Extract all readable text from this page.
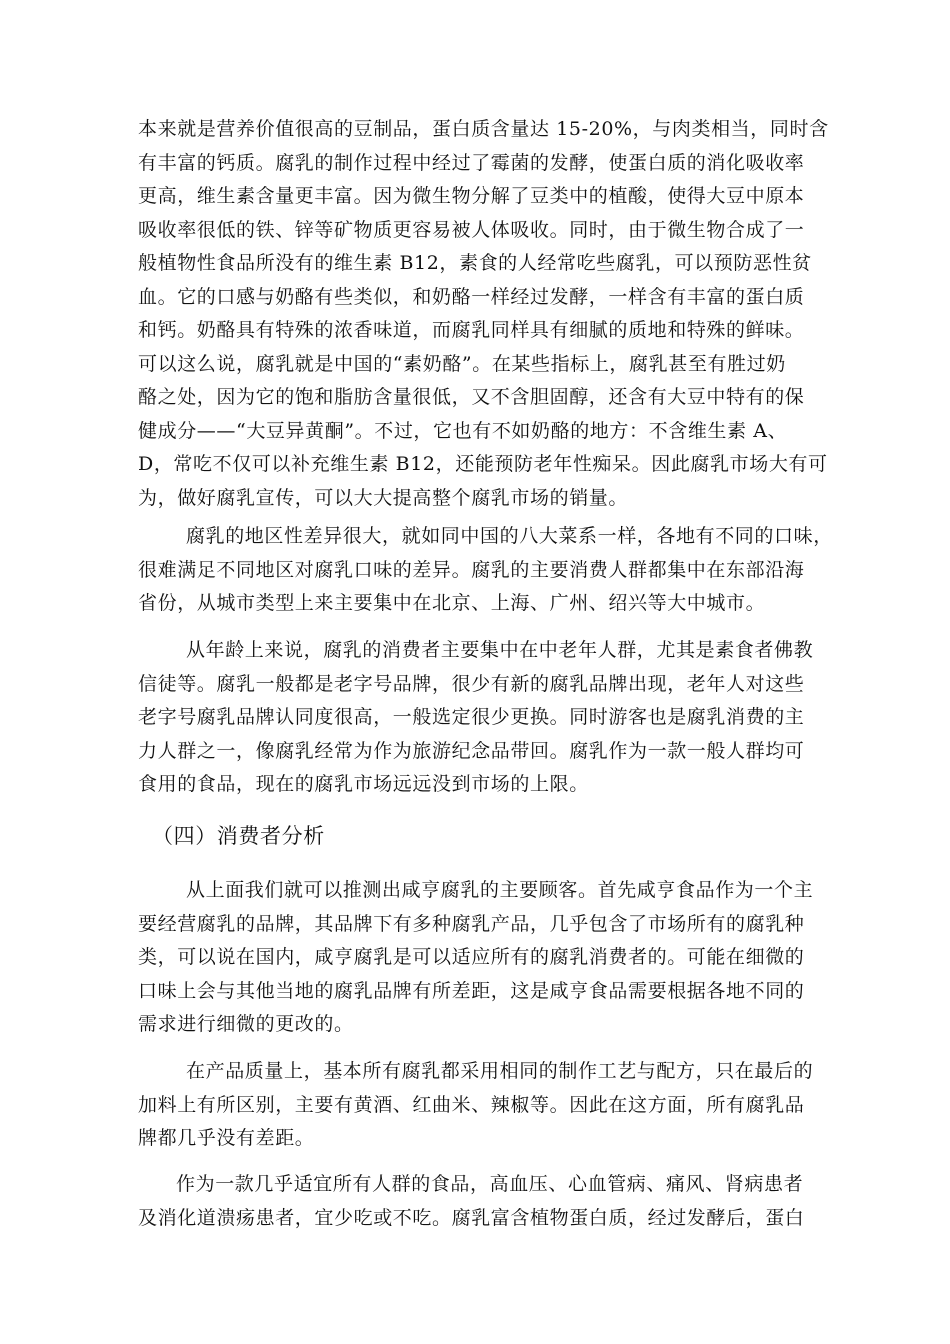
本来就是营养价值很高的豆制品，蛋白质含量达 15-20%，与肉类相当，同时含
有丰富的钙质。腐乳的制作过程中经过了霉菌的发酵，使蛋白质的消化吸收率
更高，维生素含量更丰富。因为微生物分解了豆类中的植酸，使得大豆中原本
吸收率很低的铁、锌等矿物质更容易被人体吸收。同时，由于微生物合成了一
般植物性食品所没有的维生素 B12，素食的人经常吃些腐乳，可以预防恶性贫
血。它的口感与奶酪有些类似，和奶酪一样经过发酵，一样含有丰富的蛋白质
和钙。奶酪具有特殊的浓香味道，而腐乳同样具有细腻的质地和特殊的鲜味。
可以这么说，腐乳就是中国的“素奶酪”。在某些指标上，腐乳甚至有胜过奶
酪之处，因为它的饱和脂肪含量很低，又不含胆固醇，还含有大豆中特有的保
健成分——“大豆异黄酮”。不过，它也有不如奶酪的地方：不含维生素 A、
D，常吃不仅可以补充维生素 B12，还能预防老年性痴呆。因此腐乳市场大有可
为，做好腐乳宣传，可以大大提高整个腐乳市场的销量。
腐乳的地区性差异很大，就如同中国的八大菜系一样，各地有不同的口味，
很难满足不同地区对腐乳口味的差异。腐乳的主要消费人群都集中在东部沿海
省份，从城市类型上来主要集中在北京、上海、广州、绍兴等大中城市。
从年龄上来说，腐乳的消费者主要集中在中老年人群，尤其是素食者佛教
信徒等。腐乳一般都是老字号品牌，很少有新的腐乳品牌出现，老年人对这些
老字号腐乳品牌认同度很高，一般选定很少更换。同时游客也是腐乳消费的主
力人群之一，像腐乳经常为作为旅游纪念品带回。腐乳作为一款一般人群均可
食用的食品，现在的腐乳市场远远没到市场的上限。
（四）消费者分析
从上面我们就可以推测出咸亨腐乳的主要顾客。首先咸亨食品作为一个主
要经营腐乳的品牌，其品牌下有多种腐乳产品，几乎包含了市场所有的腐乳种
类，可以说在国内，咸亨腐乳是可以适应所有的腐乳消费者的。可能在细微的
口味上会与其他当地的腐乳品牌有所差距，这是咸亨食品需要根据各地不同的
需求进行细微的更改的。
在产品质量上，基本所有腐乳都采用相同的制作工艺与配方，只在最后的
加料上有所区别，主要有黄酒、红曲米、辣椒等。因此在这方面，所有腐乳品
牌都几乎没有差距。
作为一款几乎适宜所有人群的食品，高血压、心血管病、痛风、肾病患者
及消化道溃疡患者，宜少吃或不吃。腐乳富含植物蛋白质，经过发酵后，蛋白
